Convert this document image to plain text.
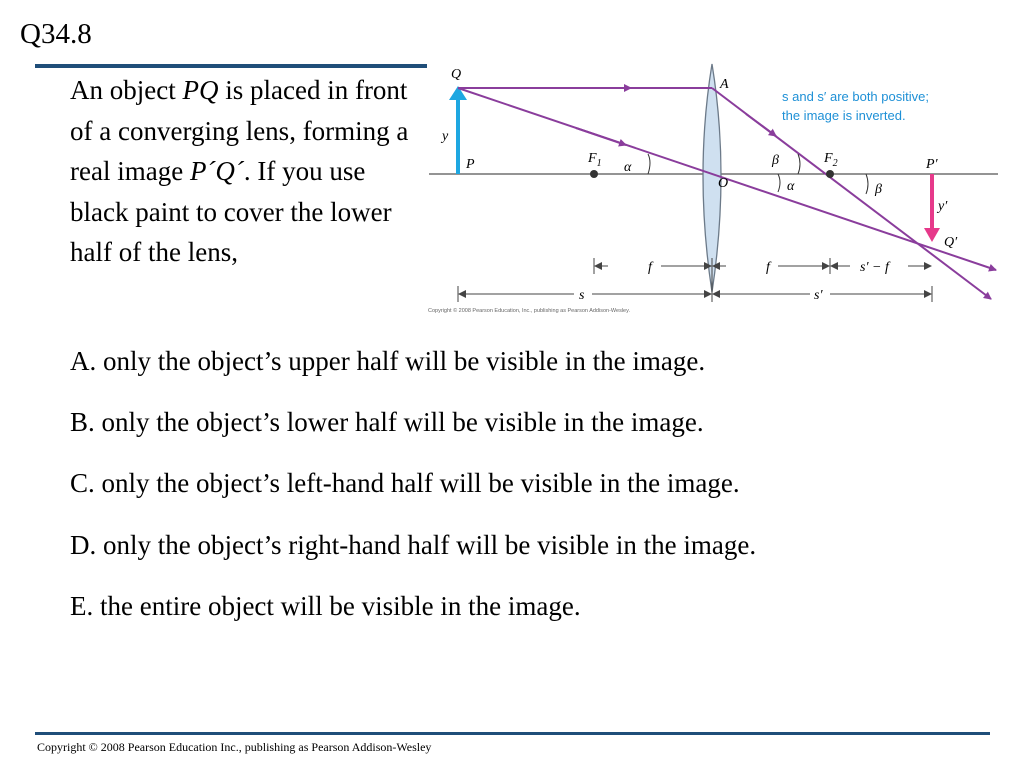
Q34.8
An object PQ is placed in front of a converging lens, forming a real image P´Q´. If you use black paint to cover the lower half of the lens,
Q
A
y
P	$F_1$ α
O
β
α
$F_2$
β
P′
y′
Q′
s and s′ are both positive;
the image is inverted.
f	f	s′ − f
s	s′
Copyright © 2008 Pearson Education, Inc., publishing as Pearson Addison-Wesley.
A. only the object’s upper half will be visible in the image.
B. only the object’s lower half will be visible in the image.
C. only the object’s left-hand half will be visible in the image.
D. only the object’s right-hand half will be visible in the image.
E. the entire object will be visible in the image.
Copyright © 2008 Pearson Education Inc., publishing as Pearson Addison-Wesley
